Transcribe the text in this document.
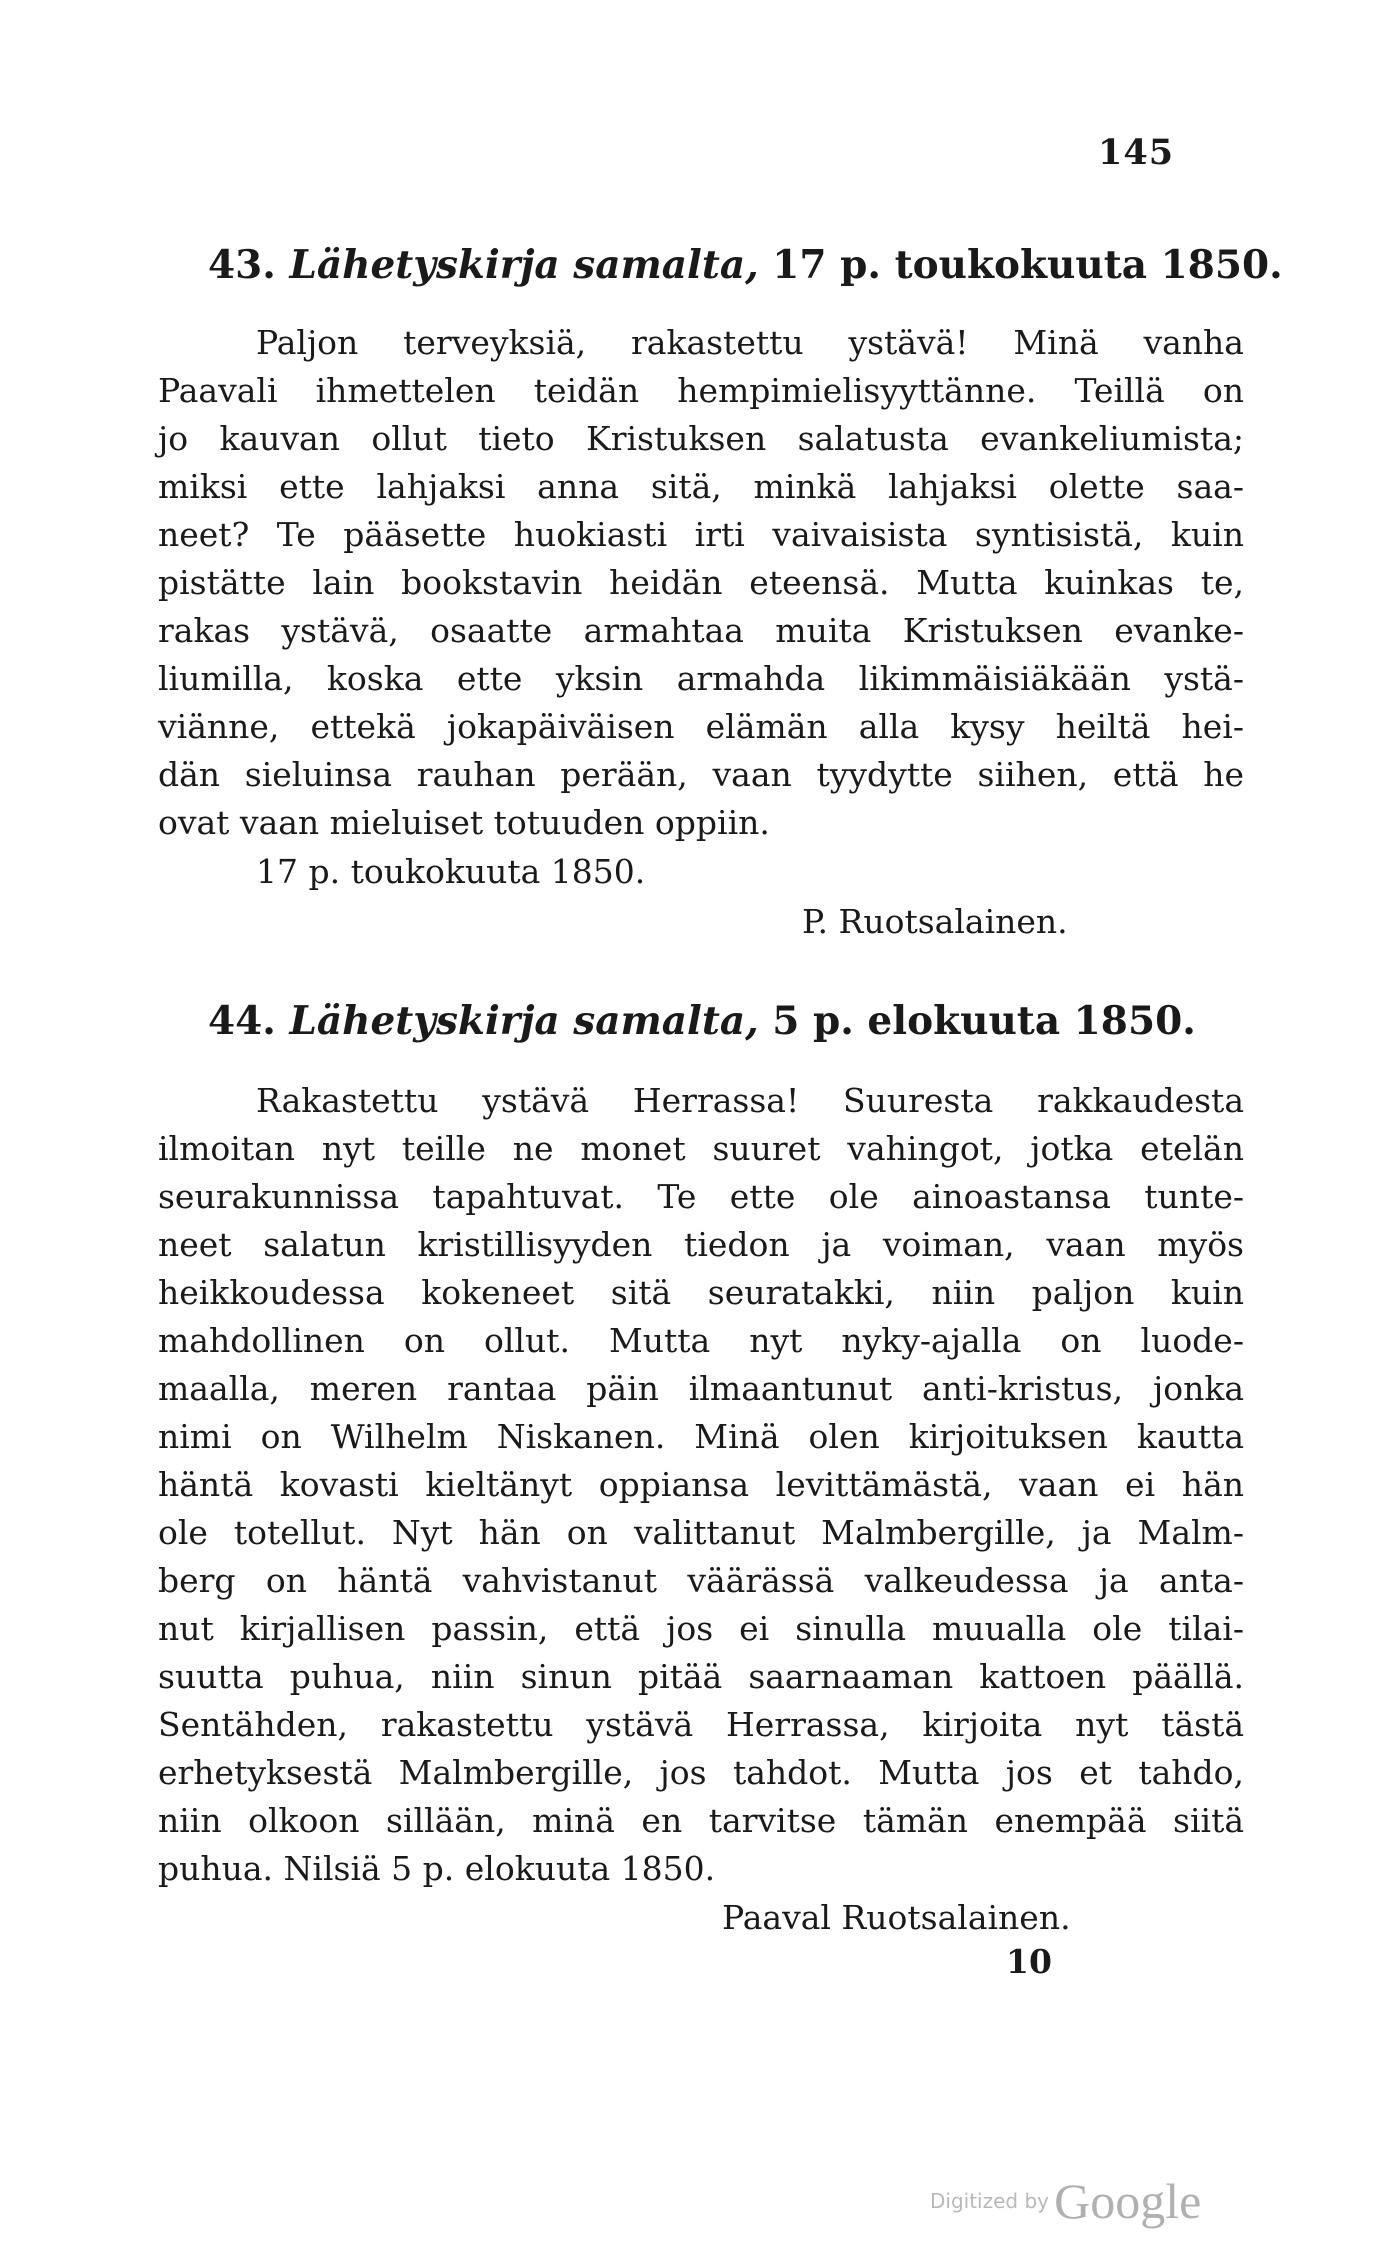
145
43. Lähetyskirja samalta, 17 p. toukokuuta 1850.
Paljon terveyksiä, rakastettu ystävä! Minä vanha
Paavali ihmettelen teidän hempimielisyyttänne. Teillä on
jo kauvan ollut tieto Kristuksen salatusta evankeliumista;
miksi ette lahjaksi anna sitä, minkä lahjaksi olette saa-
neet? Te pääsette huokiasti irti vaivaisista syntisistä, kuin
pistätte lain bookstavin heidän eteensä. Mutta kuinkas te,
rakas ystävä, osaatte armahtaa muita Kristuksen evanke-
liumilla, koska ette yksin armahda likimmäisiäkään ystä-
viänne, ettekä jokapäiväisen elämän alla kysy heiltä hei-
dän sieluinsa rauhan perään, vaan tyydytte siihen, että he
ovat vaan mieluiset totuuden oppiin.
17 p. toukokuuta 1850.
P. Ruotsalainen.
44. Lähetyskirja samalta, 5 p. elokuuta 1850.
Rakastettu ystävä Herrassa! Suuresta rakkaudesta
ilmoitan nyt teille ne monet suuret vahingot, jotka etelän
seurakunnissa tapahtuvat. Te ette ole ainoastansa tunte-
neet salatun kristillisyyden tiedon ja voiman, vaan myös
heikkoudessa kokeneet sitä seuratakki, niin paljon kuin
mahdollinen on ollut. Mutta nyt nyky-ajalla on luode-
maalla, meren rantaa päin ilmaantunut anti-kristus, jonka
nimi on Wilhelm Niskanen. Minä olen kirjoituksen kautta
häntä kovasti kieltänyt oppiansa levittämästä, vaan ei hän
ole totellut. Nyt hän on valittanut Malmbergille, ja Malm-
berg on häntä vahvistanut väärässä valkeudessa ja anta-
nut kirjallisen passin, että jos ei sinulla muualla ole tilai-
suutta puhua, niin sinun pitää saarnaaman kattoen päällä.
Sentähden, rakastettu ystävä Herrassa, kirjoita nyt tästä
erhetyksestä Malmbergille, jos tahdot. Mutta jos et tahdo,
niin olkoon sillään, minä en tarvitse tämän enempää siitä
puhua. Nilsiä 5 p. elokuuta 1850.
Paaval Ruotsalainen.
10
Digitized by Google
